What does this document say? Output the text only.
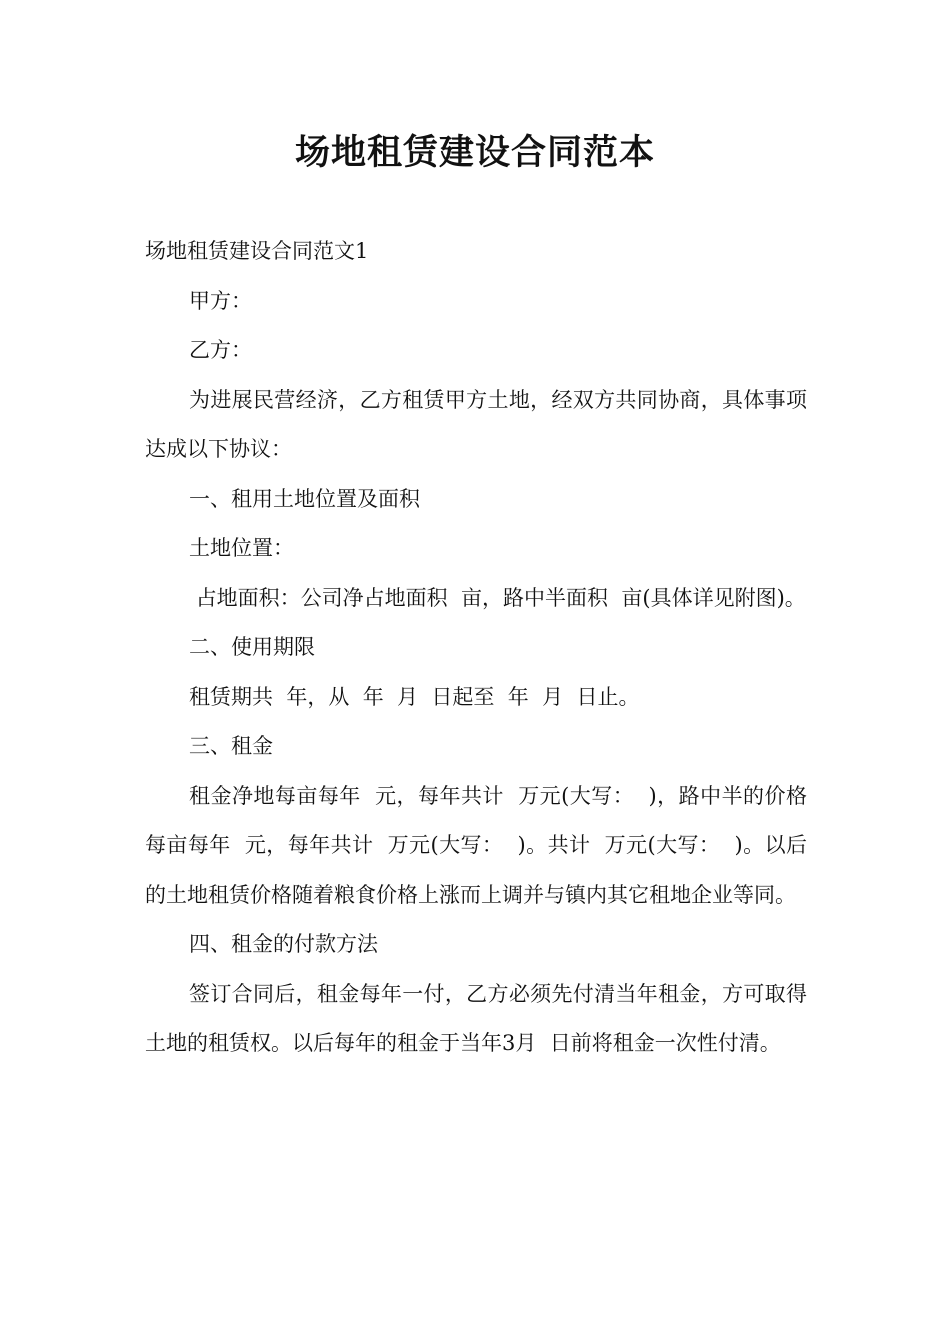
场地租赁建设合同范本

场地租赁建设合同范文1

甲方：

乙方：

为进展民营经济，乙方租赁甲方土地，经双方共同协商，具体事项达成以下协议：

一、租用土地位置及面积

土地位置：

占地面积：公司净占地面积  亩，路中半面积  亩(具体详见附图)。

二、使用期限

租赁期共  年，从  年  月  日起至  年  月  日止。

三、租金

租金净地每亩每年  元，每年共计  万元(大写：  )，路中半的价格每亩每年  元，每年共计  万元(大写：  )。共计  万元(大写：  )。以后的土地租赁价格随着粮食价格上涨而上调并与镇内其它租地企业等同。

四、租金的付款方法

签订合同后，租金每年一付，乙方必须先付清当年租金，方可取得土地的租赁权。以后每年的租金于当年3月  日前将租金一次性付清。
